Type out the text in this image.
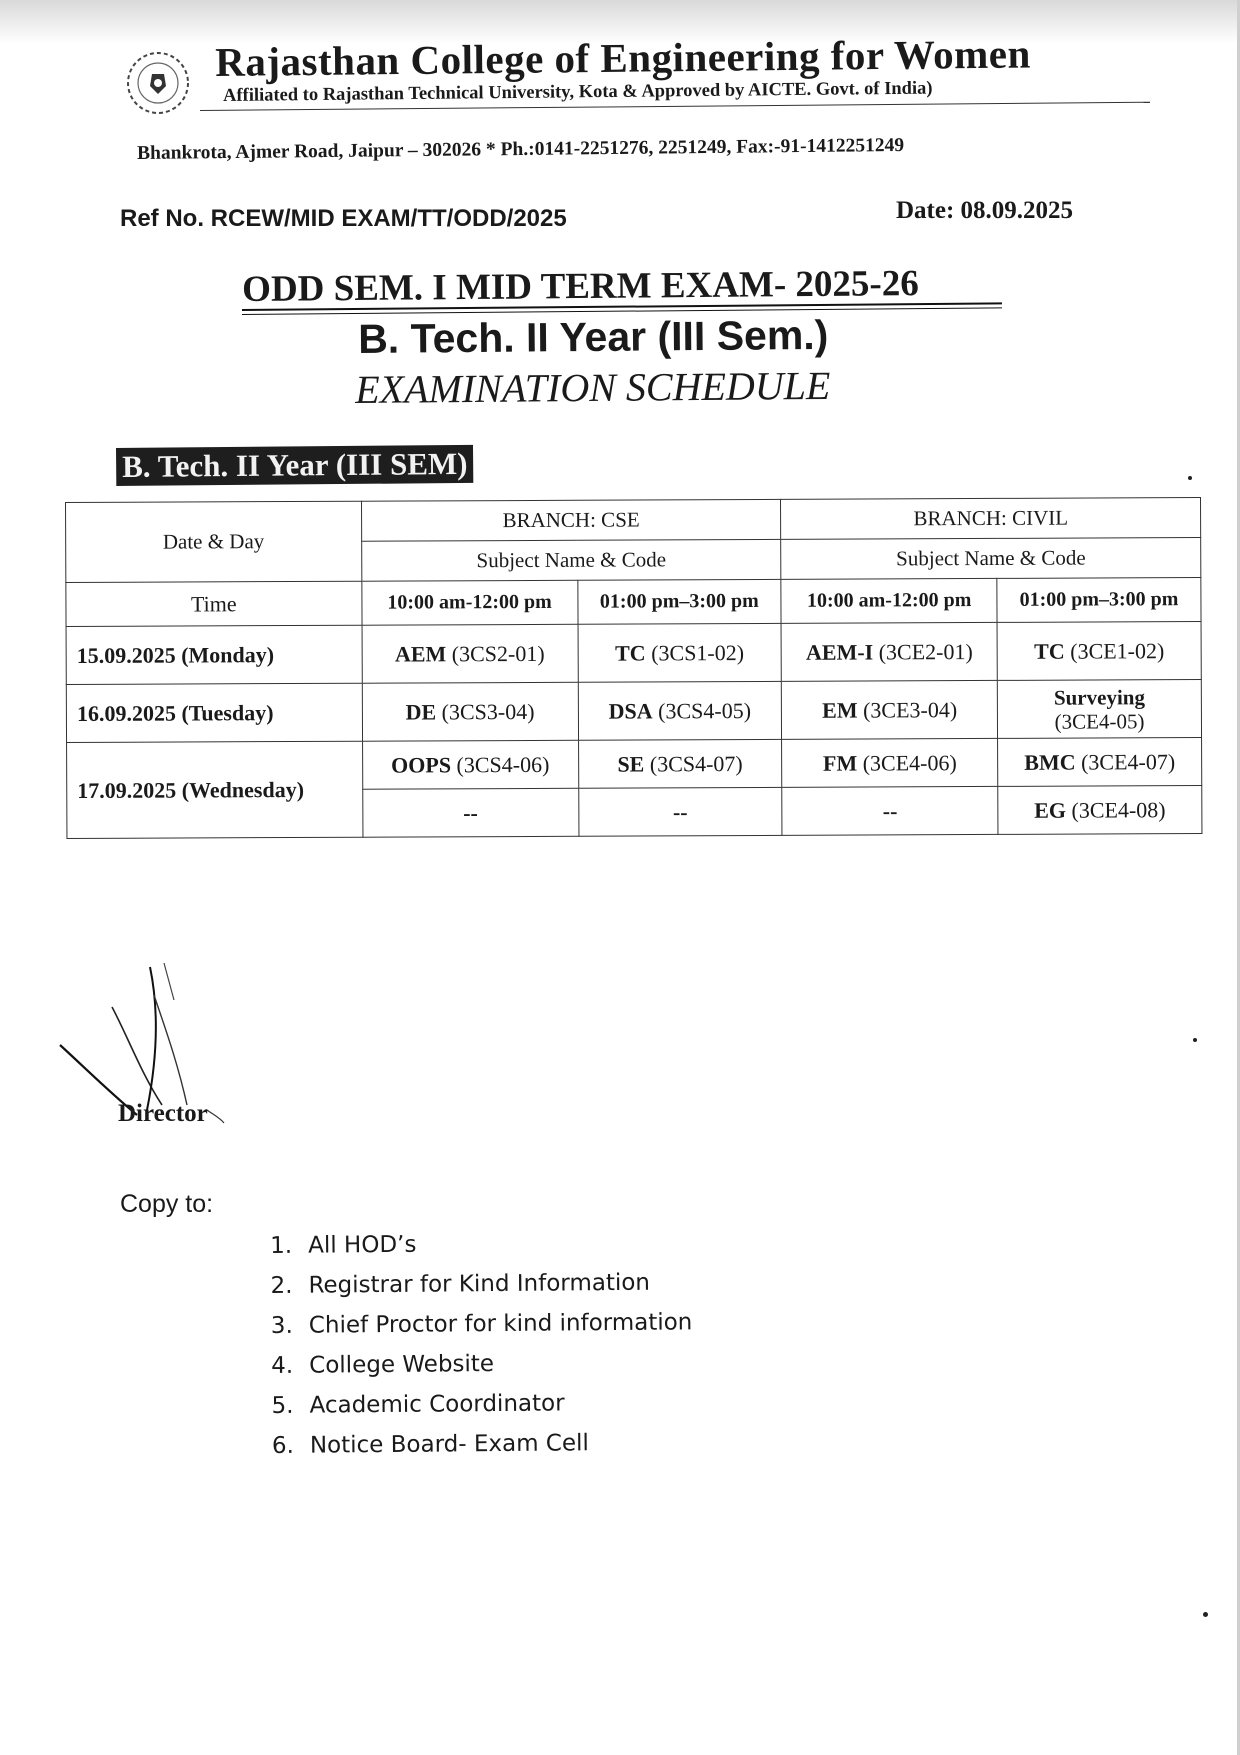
Rajasthan College of Engineering for Women
Affiliated to Rajasthan Technical University, Kota & Approved by AICTE. Govt. of India)
Bhankrota, Ajmer Road, Jaipur – 302026 * Ph.:0141-2251276, 2251249, Fax:-91-1412251249
Ref No. RCEW/MID EXAM/TT/ODD/2025	Date: 08.09.2025
ODD SEM. I MID TERM EXAM- 2025-26
B. Tech. II Year (III Sem.)
EXAMINATION SCHEDULE
B. Tech. II Year (III SEM)
Date & Day	BRANCH: CSE		BRANCH: CIVIL	
	Subject Name & Code		Subject Name & Code	
Time	10:00 am-12:00 pm	01:00 pm–3:00 pm	10:00 am-12:00 pm	01:00 pm–3:00 pm
15.09.2025 (Monday)	AEM (3CS2-01)	TC (3CS1-02)	AEM-I (3CE2-01)	TC (3CE1-02)
16.09.2025 (Tuesday)	DE (3CS3-04)	DSA (3CS4-05)	EM (3CE3-04)	Surveying
(3CE4-05)

17.09.2025 (Wednesday)	OOPS (3CS4-06)	SE (3CS4-07)	FM (3CE4-06)	BMC (3CE4-07)
	--	--	--	EG (3CE4-08)
Director
Copy to:
1. All HOD’s
2. Registrar for Kind Information
3. Chief Proctor for kind information
4. College Website
5. Academic Coordinator
6. Notice Board- Exam Cell
